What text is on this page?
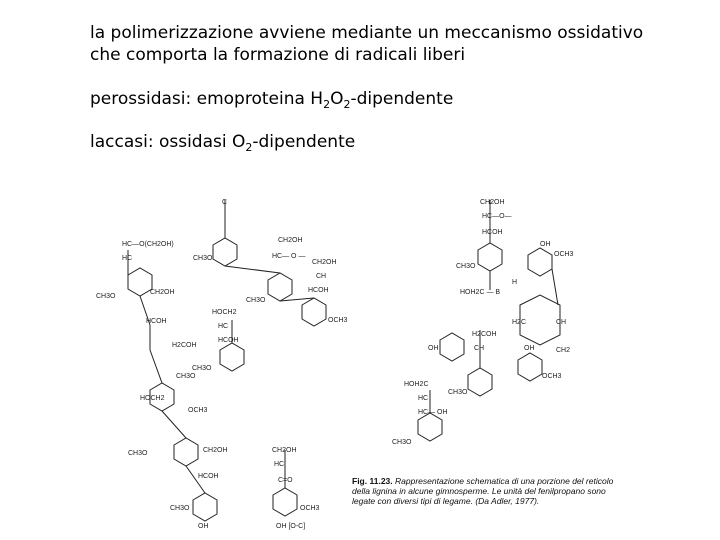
la polimerizzazione avviene mediante un meccanismo ossidativo
che comporta la formazione di radicali liberi
perossidasi: emoproteina $H_2O_2$-dipendente
laccasi: ossidasi $O_2$-dipendente
HC—O(CH2OH)
HC
CH3O
CH2OH
HCOH
H2COH
HOCH2
CH3O
OCH3
CH3O	CH2OH
HCOH
CH3O
OH
C
CH3O
CH2OH
HC— O —
CH2OH
CH
CH3O
HCOH
OCH3
HOCH2
HC
HCOH
CH3O
CH2OH
HC
C=O
OCH3
OH [O-C]
CH2OH
HC—O—
HCOH
CH3O
OH
OCH3
HOH2C — B
H
H2C	CH
CH2
H2COH
CH
OH	OH
OCH3
CH3O
HOH2C
HC
HC— OH
CH3O
Fig. 11.23. Rappresentazione schematica di una porzione del reticolo della lignina in alcune gimnosperme. Le unità del fenilpropano sono legate con diversi tipi di legame. (Da Adler, 1977).
